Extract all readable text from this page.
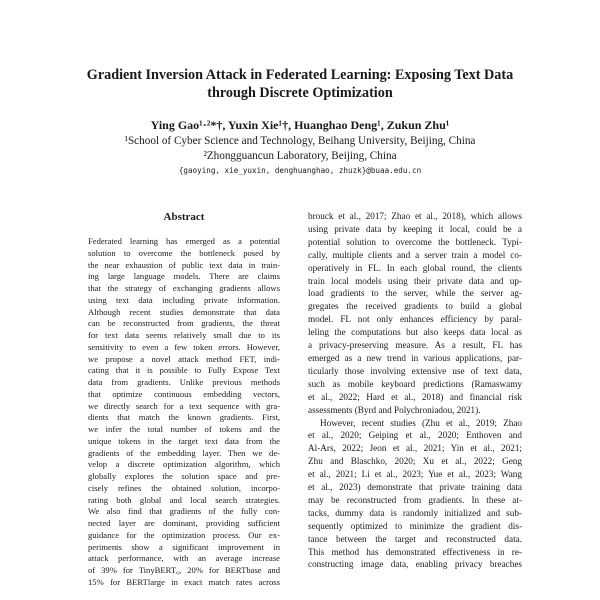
Gradient Inversion Attack in Federated Learning: Exposing Text Data
through Discrete Optimization
Ying Gao¹·²*†, Yuxin Xie¹†, Huanghao Deng¹, Zukun Zhu¹
¹School of Cyber Science and Technology, Beihang University, Beijing, China
²Zhongguancun Laboratory, Beijing, China
{gaoying, xie_yuxin, denghuanghao, zhuzk}@buaa.edu.cn
Abstract
Federated learning has emerged as a potential
solution to overcome the bottleneck posed by
the near exhaustion of public text data in train-
ing large language models. There are claims
that the strategy of exchanging gradients allows
using text data including private information.
Although recent studies demonstrate that data
can be reconstructed from gradients, the threat
for text data seems relatively small due to its
sensitivity to even a few token errors. However,
we propose a novel attack method FET, indi-
cating that it is possible to Fully Expose Text
data from gradients. Unlike previous methods
that optimize continuous embedding vectors,
we directly search for a text sequence with gra-
dients that match the known gradients. First,
we infer the total number of tokens and the
unique tokens in the target text data from the
gradients of the embedding layer. Then we de-
velop a discrete optimization algorithm, which
globally explores the solution space and pre-
cisely refines the obtained solution, incorpo-
rating both global and local search strategies.
We also find that gradients of the fully con-
nected layer are dominant, providing sufficient
guidance for the optimization process. Our ex-
periments show a significant improvement in
attack performance, with an average increase
of 39% for TinyBERT₆, 20% for BERTbase and
15% for BERTlarge in exact match rates across
brouck et al., 2017; Zhao et al., 2018), which allows
using private data by keeping it local, could be a
potential solution to overcome the bottleneck. Typi-
cally, multiple clients and a server train a model co-
operatively in FL. In each global round, the clients
train local models using their private data and up-
load gradients to the server, while the server ag-
gregates the received gradients to build a global
model. FL not only enhances efficiency by paral-
leling the computations but also keeps data local as
a privacy-preserving measure. As a result, FL has
emerged as a new trend in various applications, par-
ticularly those involving extensive use of text data,
such as mobile keyboard predictions (Ramaswamy
et al., 2022; Hard et al., 2018) and financial risk
assessments (Byrd and Polychroniadou, 2021).
However, recent studies (Zhu et al., 2019; Zhao
et al., 2020; Geiping et al., 2020; Enthoven and
Al-Ars, 2022; Jeon et al., 2021; Yin et al., 2021;
Zhu and Blaschko, 2020; Xu et al., 2022; Geng
et al., 2021; Li et al., 2023; Yue et al., 2023; Wang
et al., 2023) demonstrate that private training data
may be reconstructed from gradients. In these at-
tacks, dummy data is randomly initialized and sub-
sequently optimized to minimize the gradient dis-
tance between the target and reconstructed data.
This method has demonstrated effectiveness in re-
constructing image data, enabling privacy breaches
